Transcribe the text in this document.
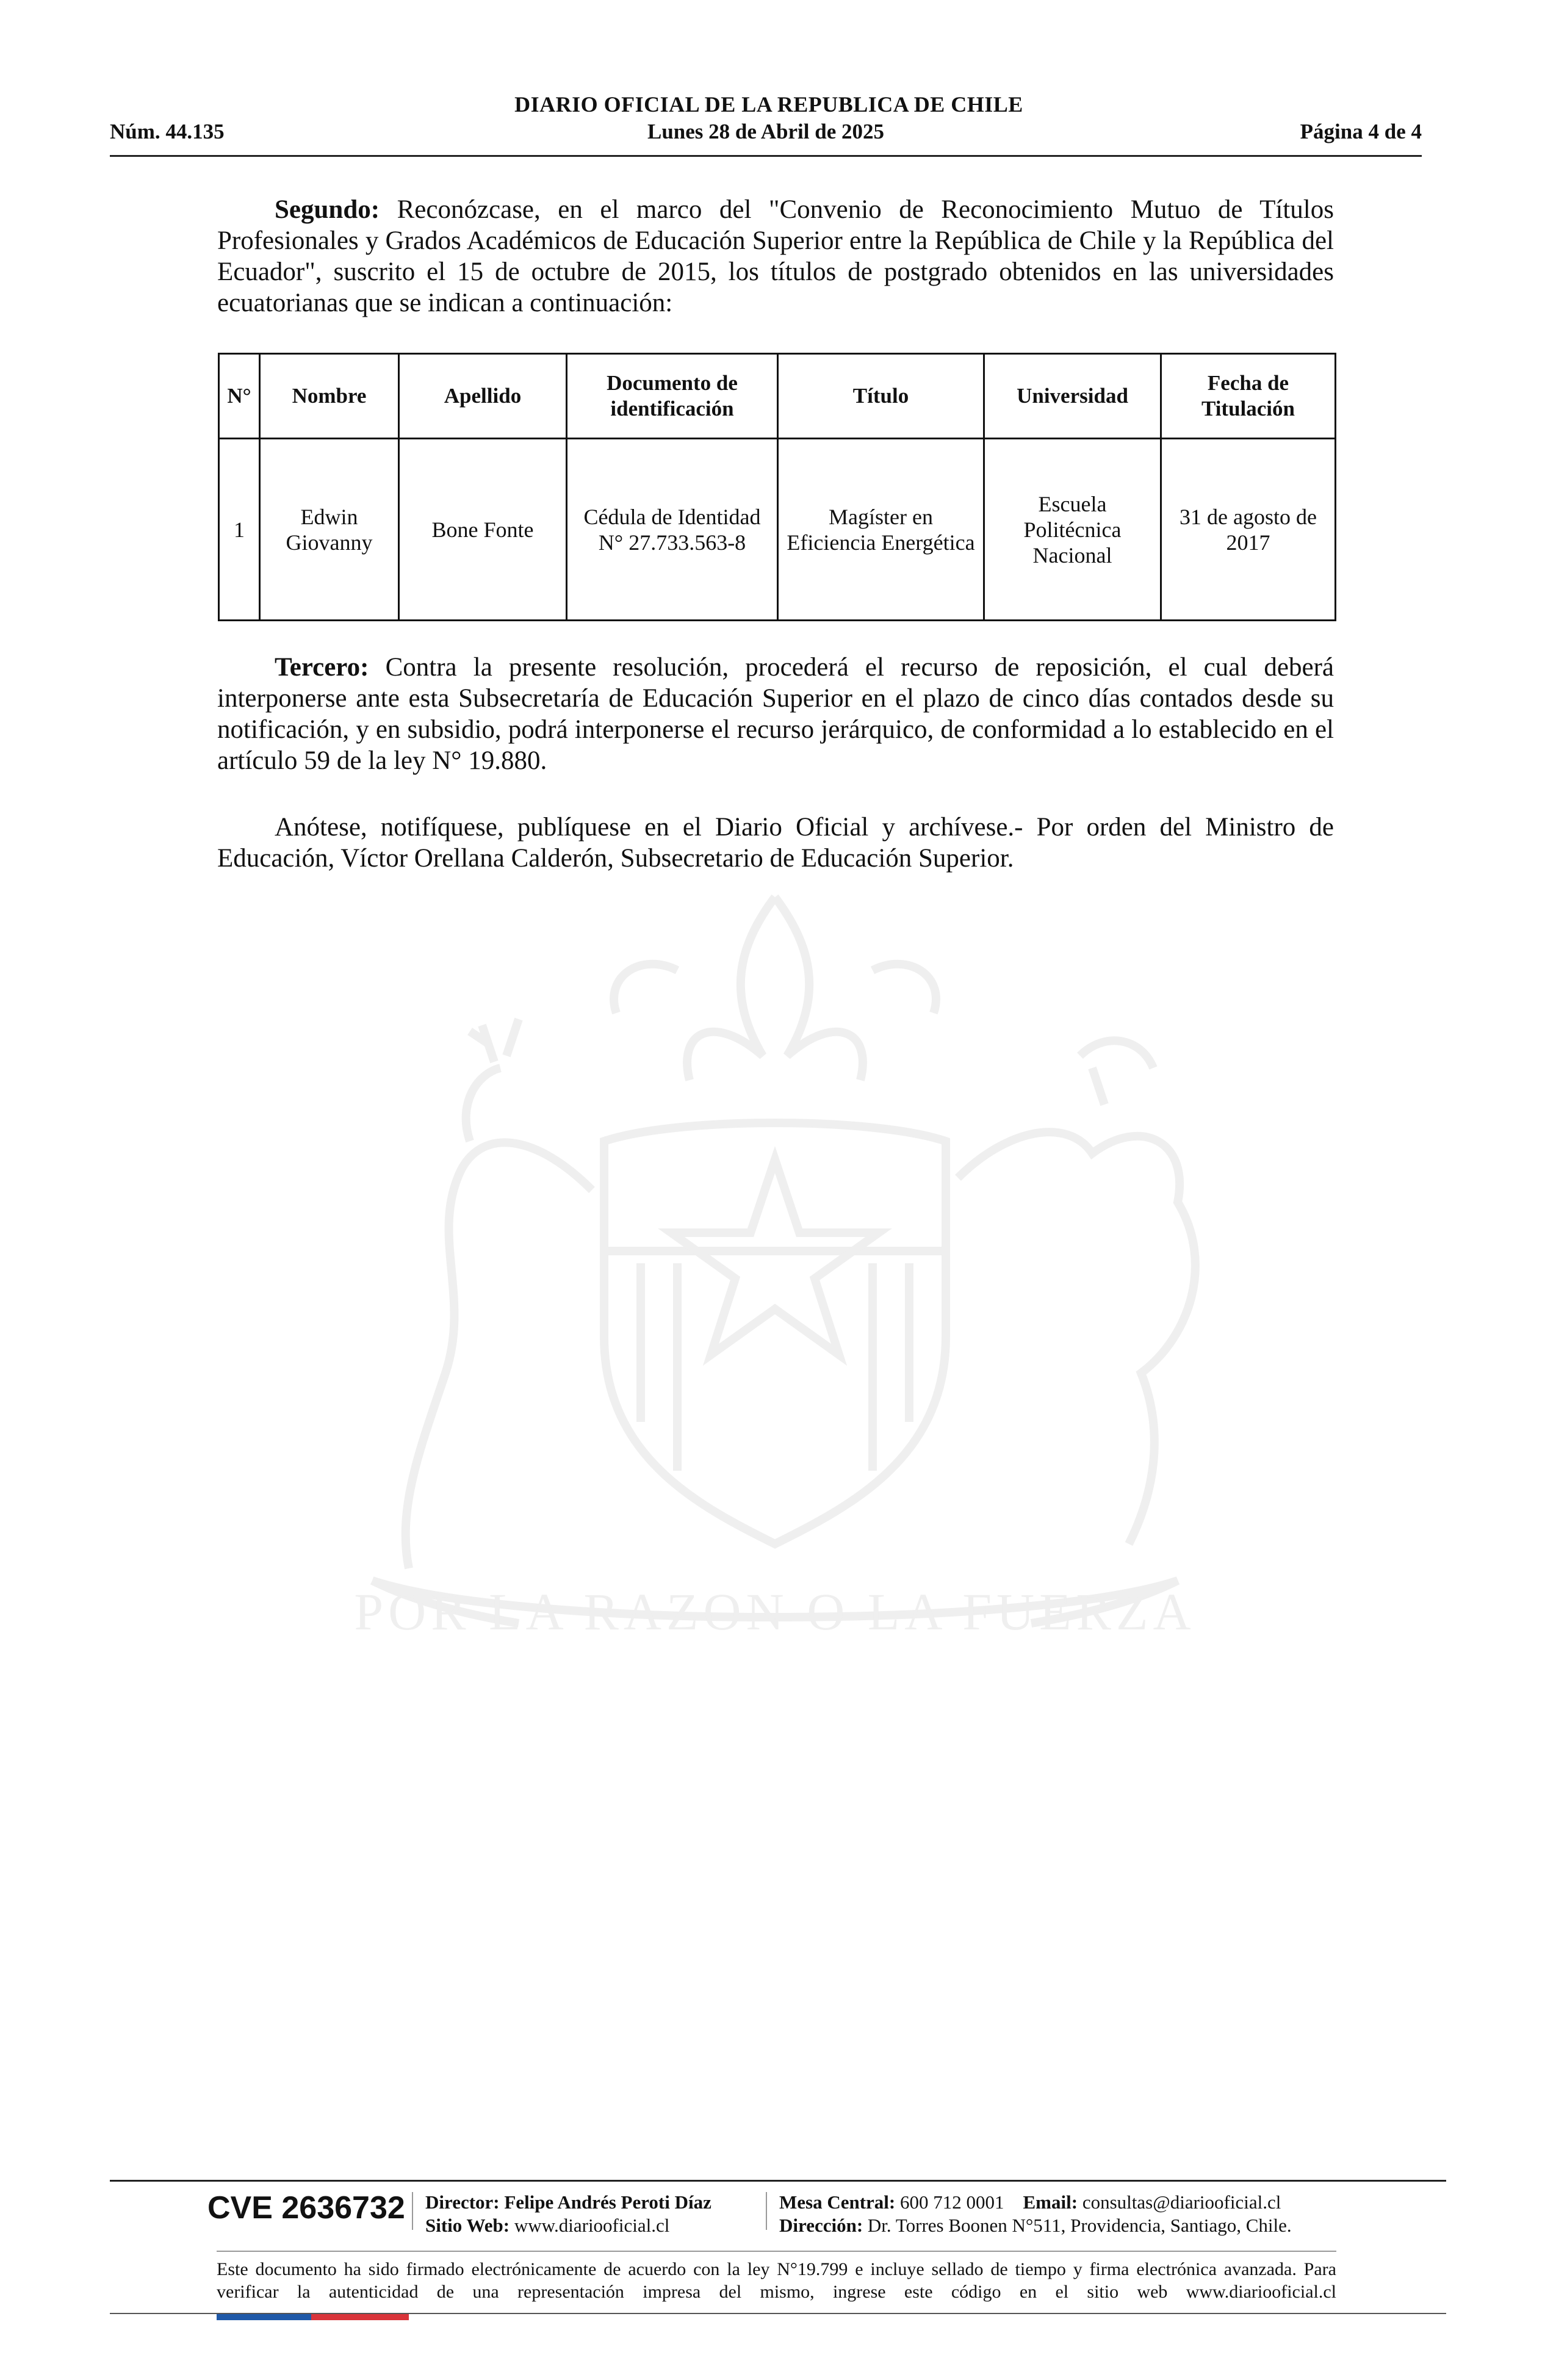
DIARIO OFICIAL DE LA REPUBLICA DE CHILE
Núm. 44.135	Lunes 28 de Abril de 2025	Página 4 de 4
POR LA RAZON O LA FUERZA
Segundo: Reconózcase, en el marco del "Convenio de Reconocimiento Mutuo de Títulos Profesionales y Grados Académicos de Educación Superior entre la República de Chile y la República del Ecuador", suscrito el 15 de octubre de 2015, los títulos de postgrado obtenidos en las universidades ecuatorianas que se indican a continuación:
N°	Nombre	Apellido	Documento de identificación	Título	Universidad	Fecha de Titulación
1	Edwin Giovanny	Bone Fonte	Cédula de Identidad N° 27.733.563-8	Magíster en Eficiencia Energética	Escuela Politécnica Nacional	31 de agosto de 2017
Tercero: Contra la presente resolución, procederá el recurso de reposición, el cual deberá interponerse ante esta Subsecretaría de Educación Superior en el plazo de cinco días contados desde su notificación, y en subsidio, podrá interponerse el recurso jerárquico, de conformidad a lo establecido en el artículo 59 de la ley N° 19.880.
Anótese, notifíquese, publíquese en el Diario Oficial y archívese.- Por orden del Ministro de Educación, Víctor Orellana Calderón, Subsecretario de Educación Superior.
CVE 2636732 Director: Felipe Andrés Peroti Díaz
Sitio Web: www.diariooficial.cl
Mesa Central: 600 712 0001 Email: consultas@diariooficial.cl
Dirección: Dr. Torres Boonen N°511, Providencia, Santiago, Chile.
Este documento ha sido firmado electrónicamente de acuerdo con la ley N°19.799 e incluye sellado de tiempo y firma electrónica avanzada. Para verificar la autenticidad de una representación impresa del mismo, ingrese este código en el sitio web www.diariooficial.cl
